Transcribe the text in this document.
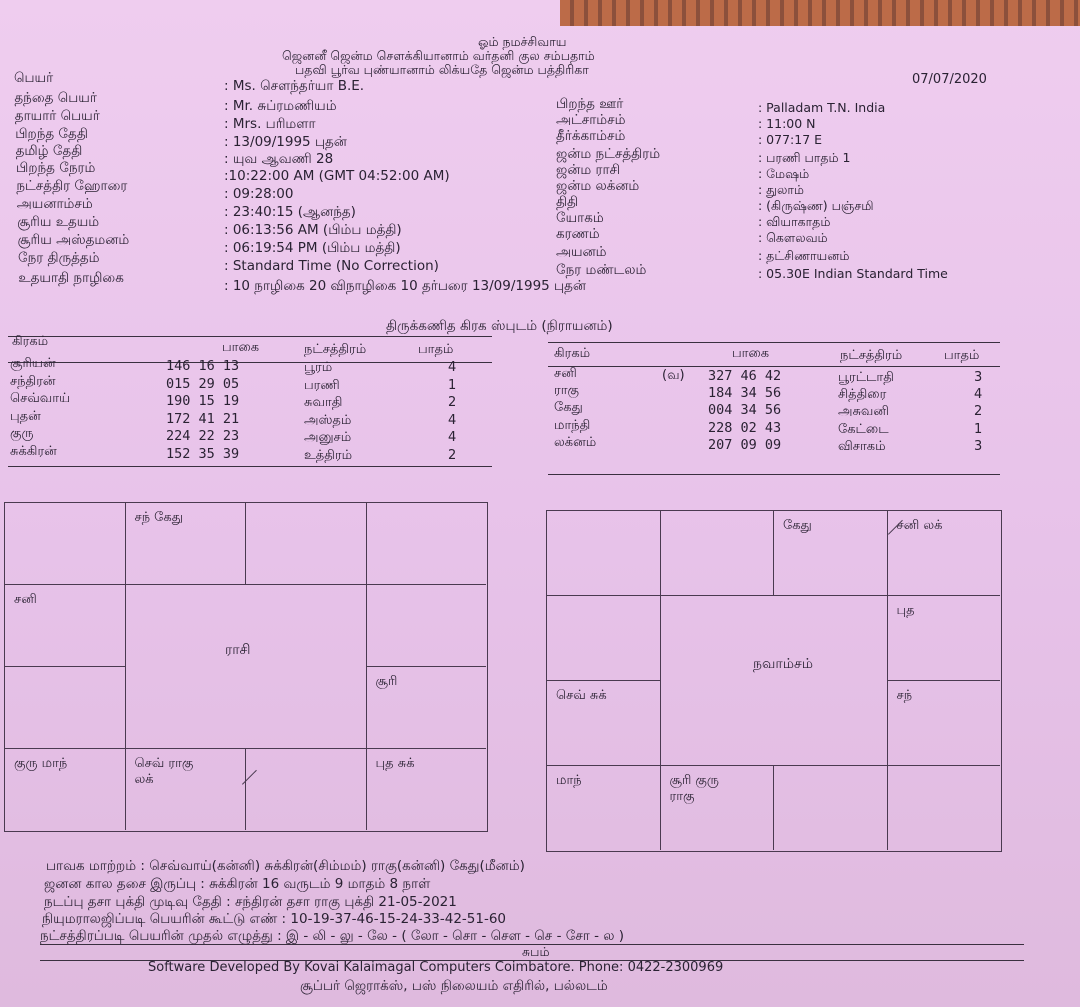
ஓம் நமச்சிவாய
ஜெனனீ ஜென்ம சௌக்கியானாம் வர்தனி குல சம்பதாம்
பதவி பூர்வ புண்யானாம் லிக்யதே ஜென்ம பத்திரிகா
07/07/2020
பெயர்	: Ms. சௌந்தர்யா B.E.
தந்தை பெயர்	: Mr. சுப்ரமணியம்
தாயார் பெயர்	: Mrs. பரிமளா
பிறந்த தேதி	: 13/09/1995 புதன்
தமிழ் தேதி	: யுவ ஆவணி 28
பிறந்த நேரம்	:10:22:00 AM (GMT 04:52:00 AM)
நட்சத்திர ஹோரை	: 09:28:00
அயனாம்சம்	: 23:40:15 (ஆனந்த)
சூரிய உதயம்	: 06:13:56 AM (பிம்ப மத்தி)
சூரிய அஸ்தமனம்	: 06:19:54 PM (பிம்ப மத்தி)
நேர திருத்தம்	: Standard Time (No Correction)
உதயாதி நாழிகை	: 10 நாழிகை 20 விநாழிகை 10 தர்பரை 13/09/1995 புதன்
பிறந்த ஊர்	: Palladam T.N. India
அட்சாம்சம்	: 11:00 N
தீர்க்காம்சம்	: 077:17 E
ஜன்ம நட்சத்திரம்	: பரணி பாதம் 1
ஜன்ம ராசி	: மேஷம்
ஜன்ம லக்னம்	: துலாம்
திதி	: (கிருஷ்ண) பஞ்சமி
யோகம்	: வியாகாதம்
கரணம்	: கௌலவம்
அயனம்	: தட்சிணாயனம்
நேர மண்டலம்	: 05.30E Indian Standard Time
திருக்கணித கிரக ஸ்புடம் (நிராயனம்)
கிரகம்	பாகை	நட்சத்திரம்	பாதம்	கிரகம்	பாகை	நட்சத்திரம்	பாதம்
சூரியன்	146 16 13	பூரம்	4
சந்திரன்	015 29 05	பரணி	1
செவ்வாய்	190 15 19	சுவாதி	2
புதன்	172 41 21	அஸ்தம்	4
குரு	224 22 23	அனுசம்	4
சுக்கிரன்	152 35 39	உத்திரம்	2
சனி	(வ) 327 46 42	பூரட்டாதி	3
ராகு	184 34 56	சித்திரை	4
கேது	004 34 56	அசுவனி	2
மாந்தி	228 02 43	கேட்டை	1
லக்னம்	207 09 09	விசாகம்	3
ராசி
சந் கேது
சனி
சூரி
குரு மாந்	செவ் ராகு
லக்
புத சுக்
நவாம்சம்
கேது	சனி லக்
புத
செவ் சுக்	சந்
மாந்	சூரி குரு
ராகு
பாவக மாற்றம் : செவ்வாய்(கன்னி) சுக்கிரன்(சிம்மம்) ராகு(கன்னி) கேது(மீனம்)
ஜனன கால தசை இருப்பு : சுக்கிரன் 16 வருடம் 9 மாதம் 8 நாள்
நடப்பு தசா புக்தி முடிவு தேதி : சந்திரன் தசா ராகு புக்தி 21-05-2021
நியுமராலஜிப்படி பெயரின் கூட்டு எண் : 10-19-37-46-15-24-33-42-51-60
நட்சத்திரப்படி பெயரின் முதல் எழுத்து : இ - லி - லு - லே - ( லோ - சொ - சௌ - செ - சோ - ல )
சுபம்
Software Developed By Kovai Kalaimagal Computers Coimbatore. Phone: 0422-2300969
சூப்பர் ஜெராக்ஸ், பஸ் நிலையம் எதிரில், பல்லடம்
